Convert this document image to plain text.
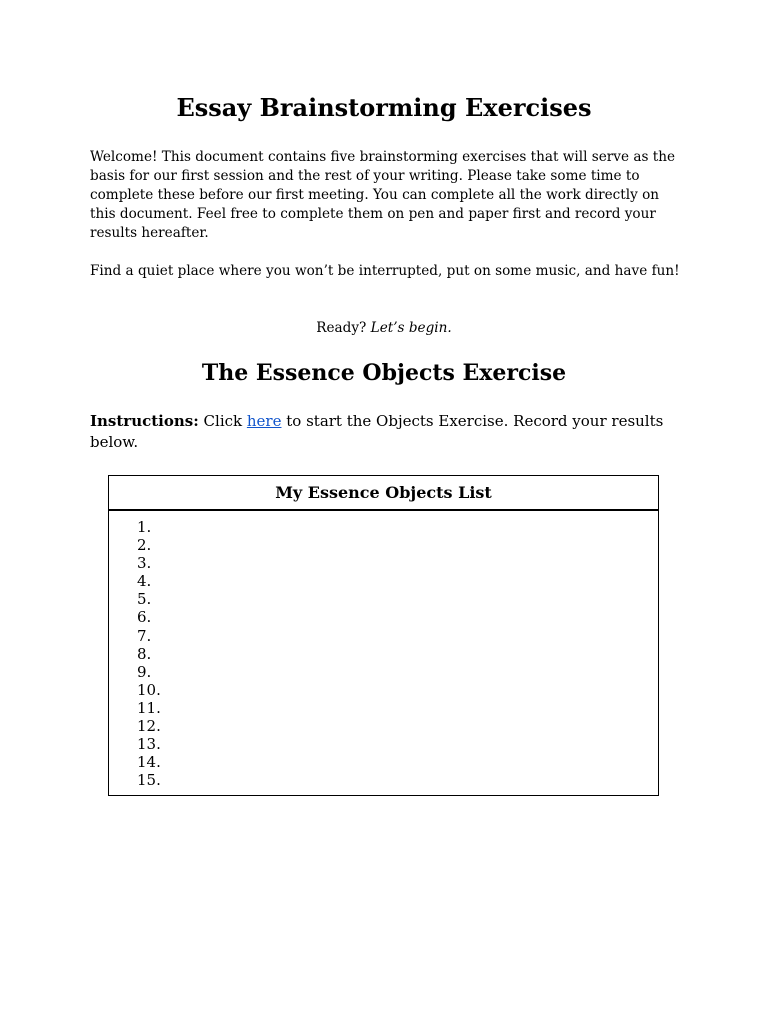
Essay Brainstorming Exercises

Welcome! This document contains five brainstorming exercises that will serve as the basis for our first session and the rest of your writing. Please take some time to complete these before our first meeting. You can complete all the work directly on this document. Feel free to complete them on pen and paper first and record your results hereafter.

Find a quiet place where you won’t be interrupted, put on some music, and have fun!

Ready? Let’s begin.

The Essence Objects Exercise

Instructions: Click here to start the Objects Exercise. Record your results below.

My Essence Objects List
1.
2.
3.
4.
5.
6.
7.
8.
9.
10.
11.
12.
13.
14.
15.
